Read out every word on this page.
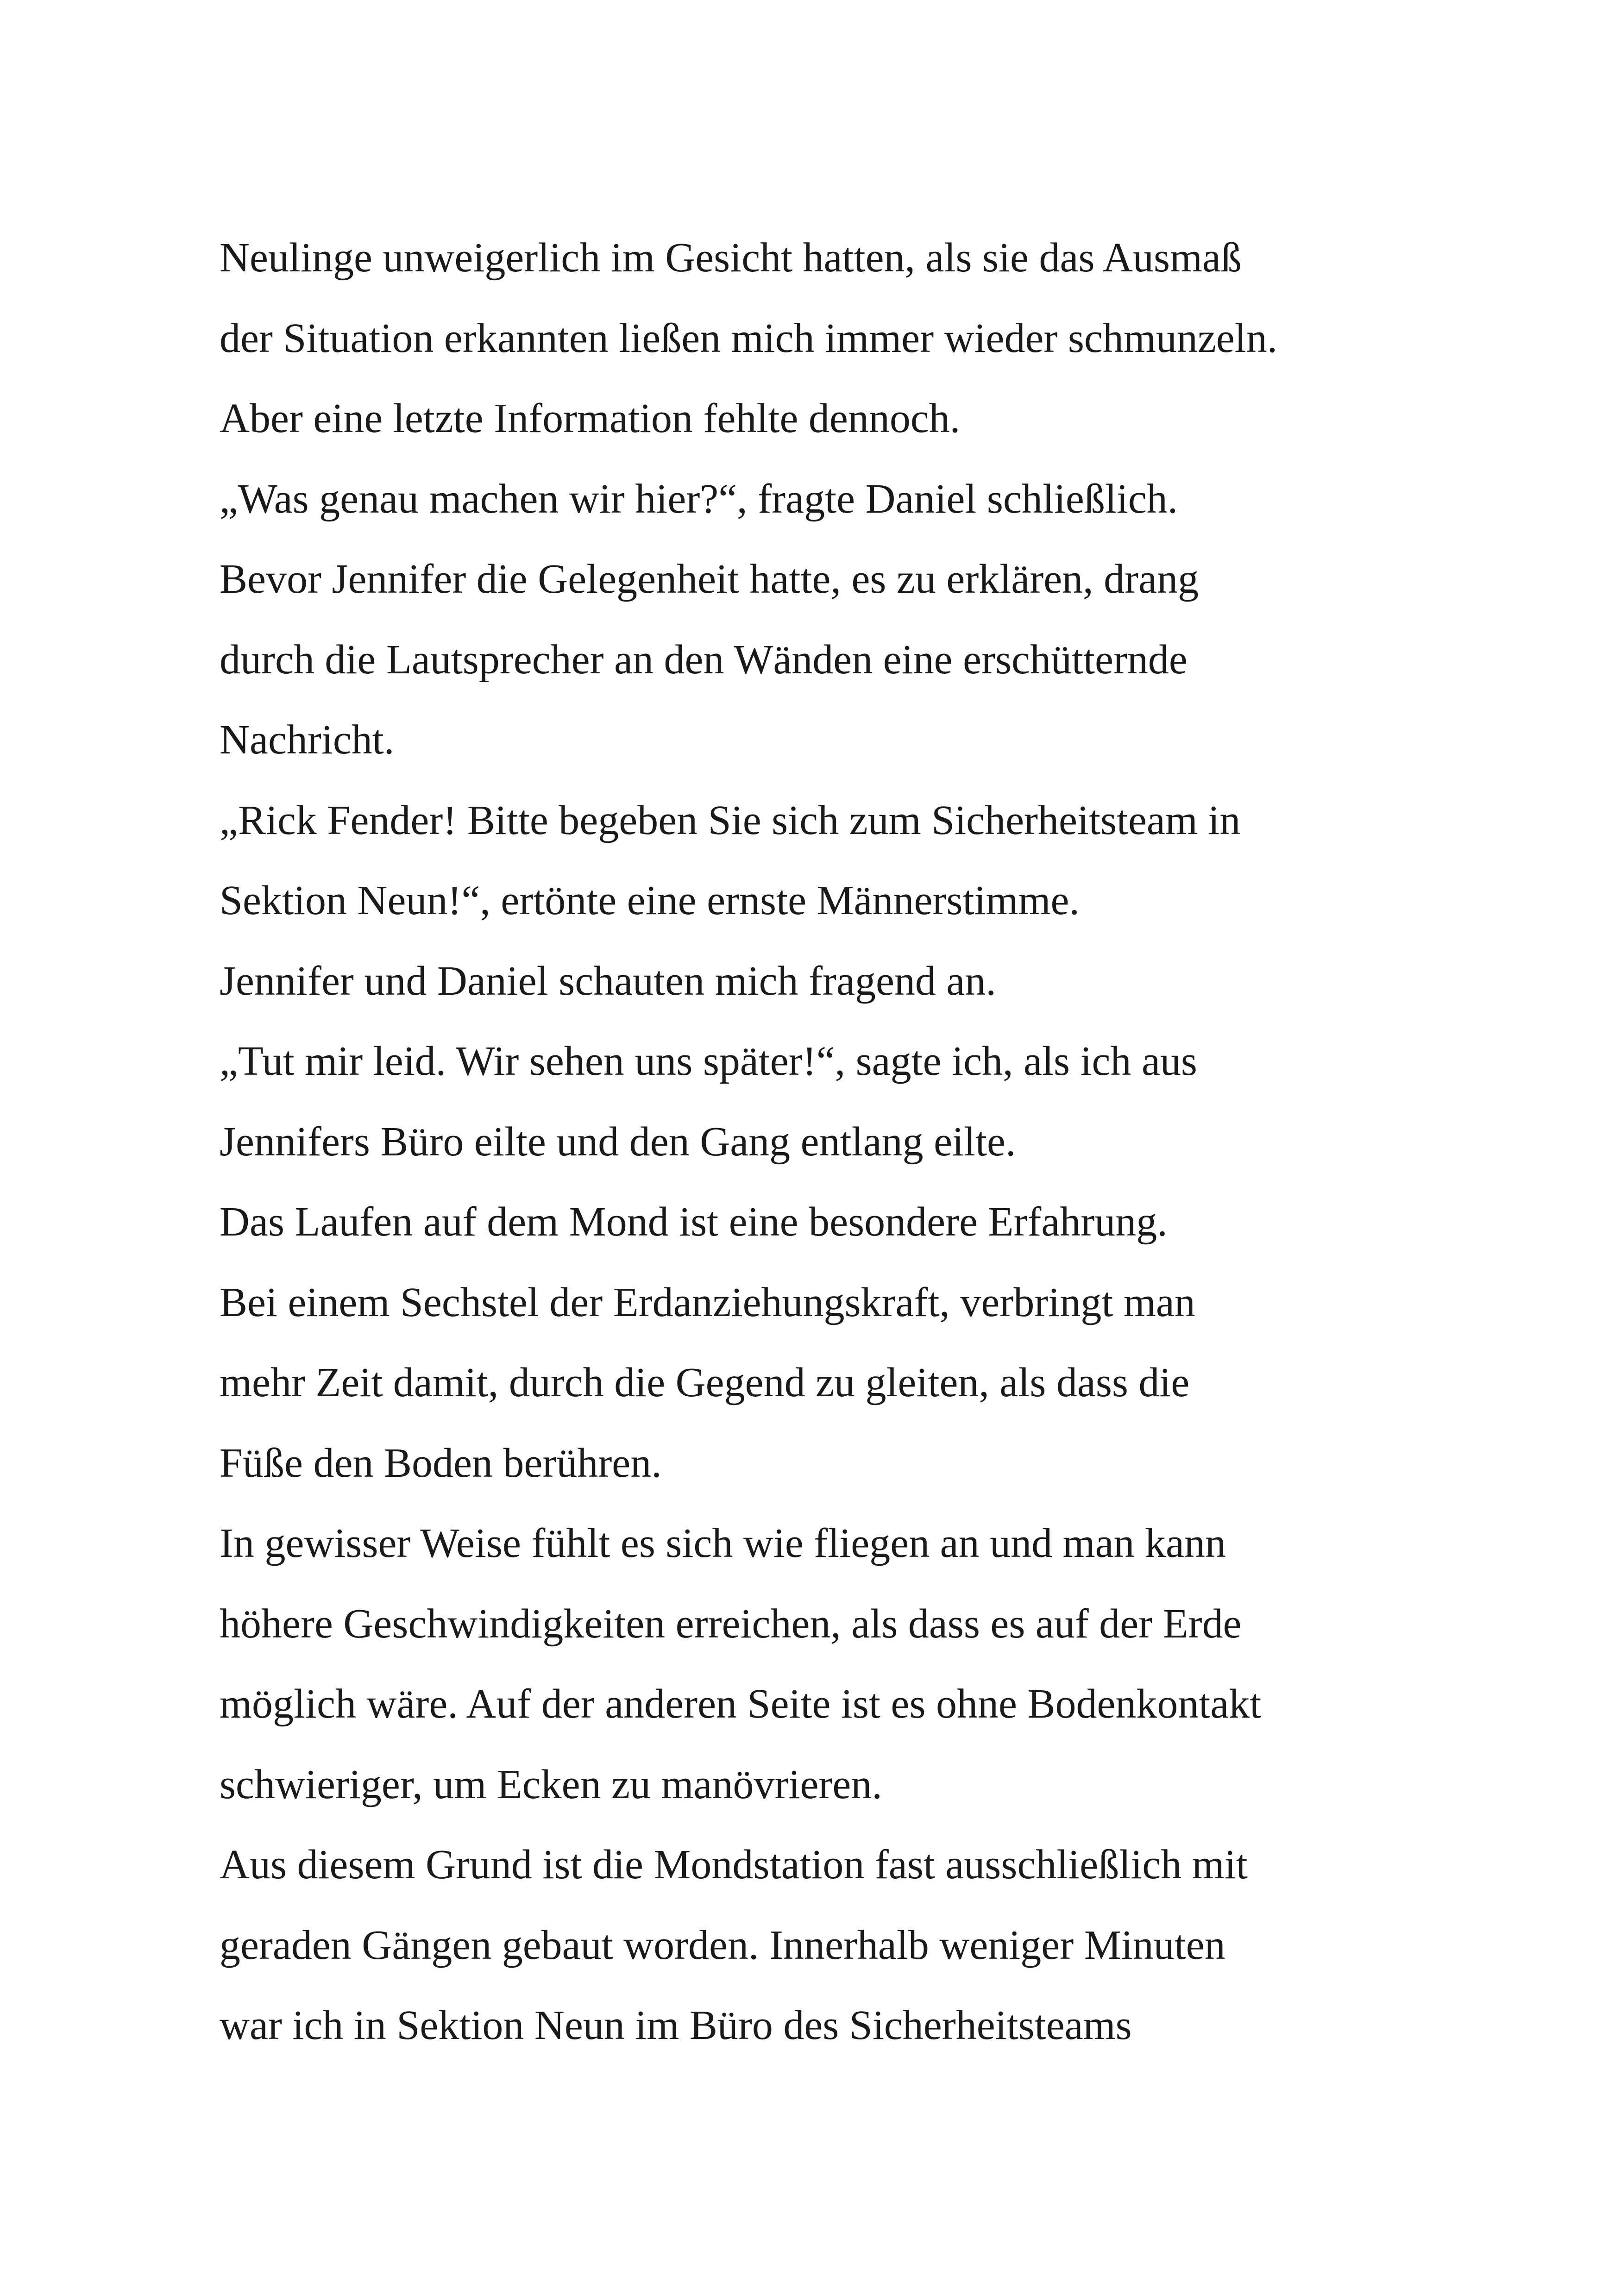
Neulinge unweigerlich im Gesicht hatten, als sie das Ausmaß

der Situation erkannten ließen mich immer wieder schmunzeln.

Aber eine letzte Information fehlte dennoch.

„Was genau machen wir hier?“, fragte Daniel schließlich.

Bevor Jennifer die Gelegenheit hatte, es zu erklären, drang

durch die Lautsprecher an den Wänden eine erschütternde

Nachricht.

„Rick Fender! Bitte begeben Sie sich zum Sicherheitsteam in

Sektion Neun!“, ertönte eine ernste Männerstimme.

Jennifer und Daniel schauten mich fragend an.

„Tut mir leid. Wir sehen uns später!“, sagte ich, als ich aus

Jennifers Büro eilte und den Gang entlang eilte.

Das Laufen auf dem Mond ist eine besondere Erfahrung.

Bei einem Sechstel der Erdanziehungskraft, verbringt man

mehr Zeit damit, durch die Gegend zu gleiten, als dass die

Füße den Boden berühren.

In gewisser Weise fühlt es sich wie fliegen an und man kann

höhere Geschwindigkeiten erreichen, als dass es auf der Erde

möglich wäre. Auf der anderen Seite ist es ohne Bodenkontakt

schwieriger, um Ecken zu manövrieren.

Aus diesem Grund ist die Mondstation fast ausschließlich mit

geraden Gängen gebaut worden. Innerhalb weniger Minuten

war ich in Sektion Neun im Büro des Sicherheitsteams
